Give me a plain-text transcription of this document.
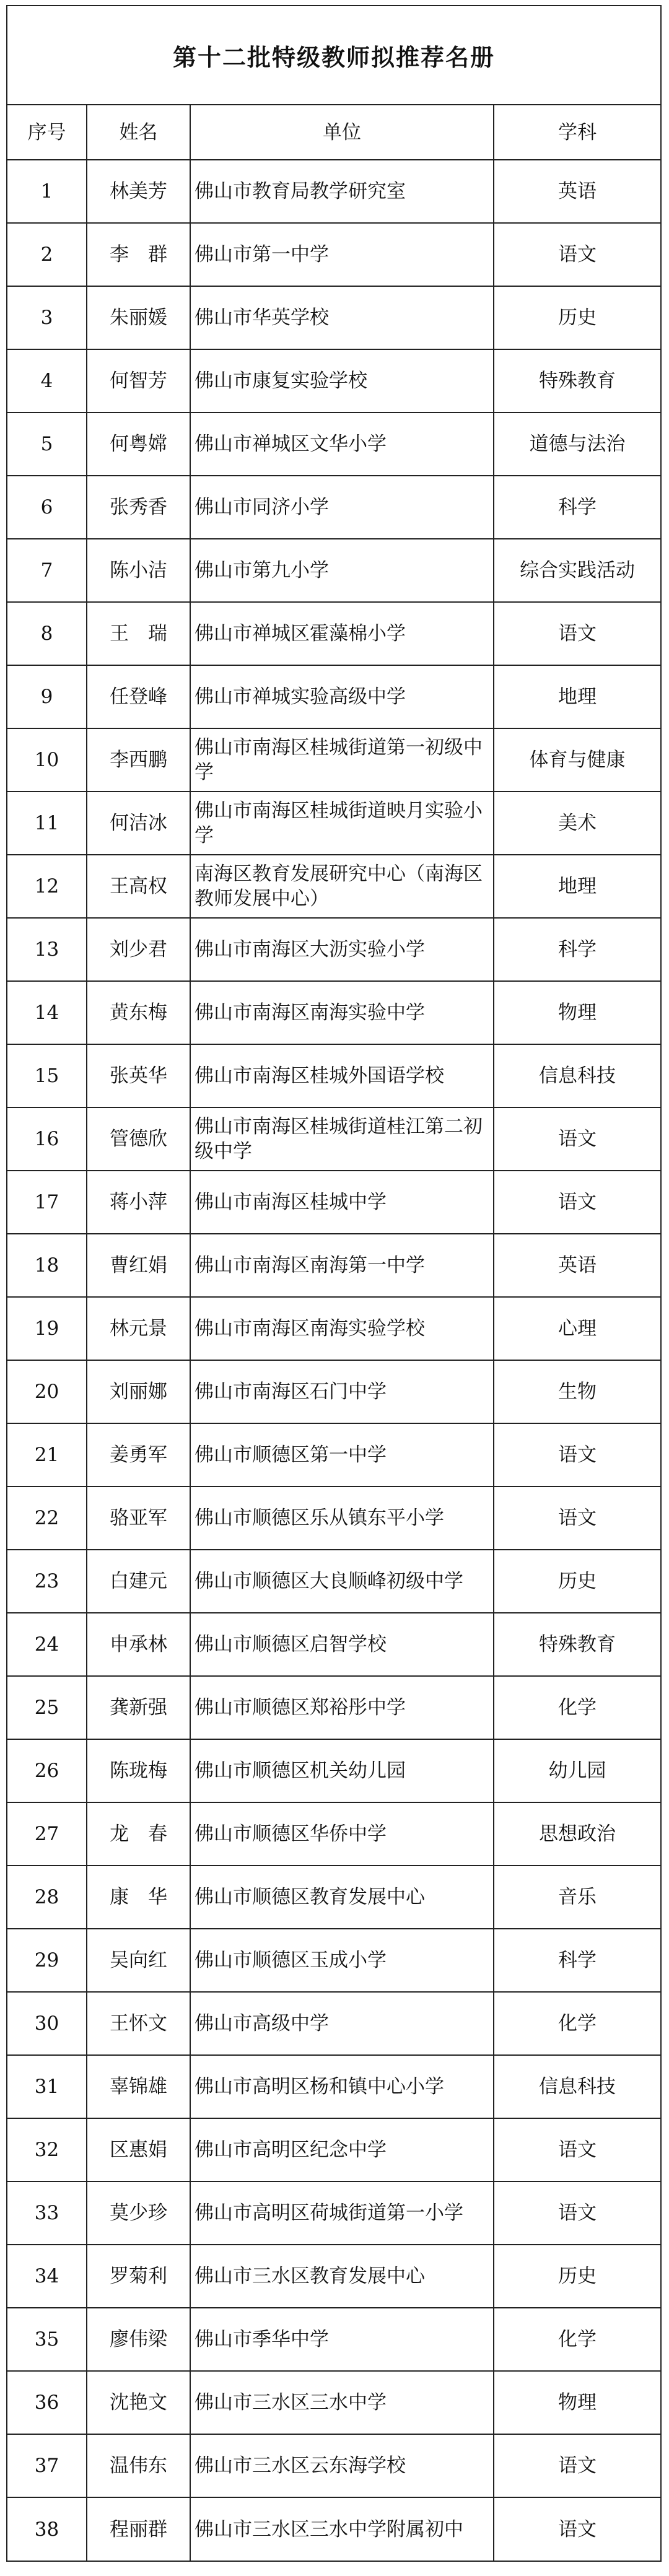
第十二批特级教师拟推荐名册
序号	姓名	单位	学科
1	林美芳	佛山市教育局教学研究室	英语
2	李　群	佛山市第一中学	语文
3	朱丽媛	佛山市华英学校	历史
4	何智芳	佛山市康复实验学校	特殊教育
5	何粤嫦	佛山市禅城区文华小学	道德与法治
6	张秀香	佛山市同济小学	科学
7	陈小洁	佛山市第九小学	综合实践活动
8	王　瑞	佛山市禅城区霍藻棉小学	语文
9	任登峰	佛山市禅城实验高级中学	地理
10	李西鹏	佛山市南海区桂城街道第一初级中学	体育与健康
11	何洁冰	佛山市南海区桂城街道映月实验小学	美术
12	王高权	南海区教育发展研究中心（南海区教师发展中心）	地理
13	刘少君	佛山市南海区大沥实验小学	科学
14	黄东梅	佛山市南海区南海实验中学	物理
15	张英华	佛山市南海区桂城外国语学校	信息科技
16	管德欣	佛山市南海区桂城街道桂江第二初级中学	语文
17	蒋小萍	佛山市南海区桂城中学	语文
18	曹红娟	佛山市南海区南海第一中学	英语
19	林元景	佛山市南海区南海实验学校	心理
20	刘丽娜	佛山市南海区石门中学	生物
21	姜勇军	佛山市顺德区第一中学	语文
22	骆亚军	佛山市顺德区乐从镇东平小学	语文
23	白建元	佛山市顺德区大良顺峰初级中学	历史
24	申承林	佛山市顺德区启智学校	特殊教育
25	龚新强	佛山市顺德区郑裕彤中学	化学
26	陈珑梅	佛山市顺德区机关幼儿园	幼儿园
27	龙　春	佛山市顺德区华侨中学	思想政治
28	康　华	佛山市顺德区教育发展中心	音乐
29	吴向红	佛山市顺德区玉成小学	科学
30	王怀文	佛山市高级中学	化学
31	辜锦雄	佛山市高明区杨和镇中心小学	信息科技
32	区惠娟	佛山市高明区纪念中学	语文
33	莫少珍	佛山市高明区荷城街道第一小学	语文
34	罗菊利	佛山市三水区教育发展中心	历史
35	廖伟梁	佛山市季华中学	化学
36	沈艳文	佛山市三水区三水中学	物理
37	温伟东	佛山市三水区云东海学校	语文
38	程丽群	佛山市三水区三水中学附属初中	语文
